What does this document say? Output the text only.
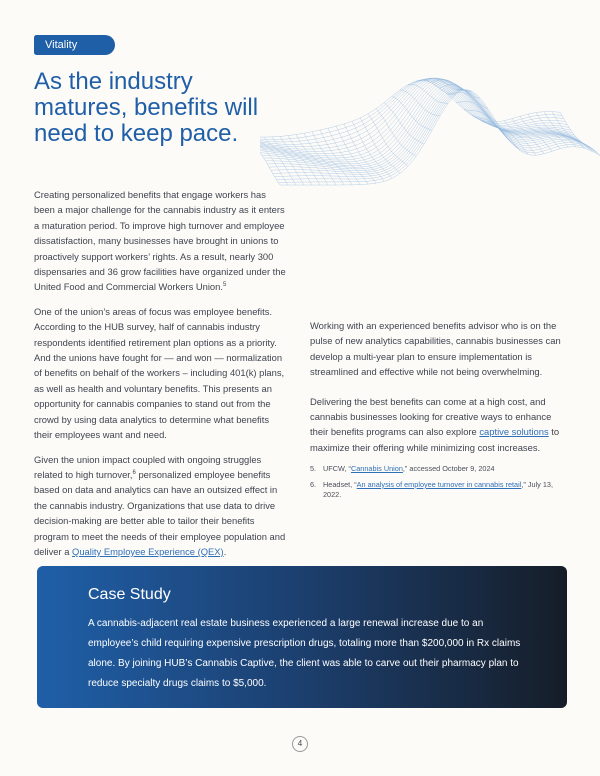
Vitality
As the industry
matures, benefits will
need to keep pace.

Creating personalized benefits that engage workers has been a major challenge for the cannabis industry as it enters a maturation period. To improve high turnover and employee dissatisfaction, many businesses have brought in unions to proactively support workers’ rights. As a result, nearly 300 dispensaries and 36 grow facilities have organized under the United Food and Commercial Workers Union.$^5$

One of the union’s areas of focus was employee benefits. According to the HUB survey, half of cannabis industry respondents identified retirement plan options as a priority. And the unions have fought for — and won — normalization of benefits on behalf of the workers – including 401(k) plans, as well as health and voluntary benefits. This presents an opportunity for cannabis companies to stand out from the crowd by using data analytics to determine what benefits their employees want and need.

Given the union impact coupled with ongoing struggles related to high turnover,$^6$ personalized employee benefits based on data and analytics can have an outsized effect in the cannabis industry. Organizations that use data to drive decision-making are better able to tailor their benefits program to meet the needs of their employee population and deliver a Quality Employee Experience (QEX).

Working with an experienced benefits advisor who is on the pulse of new analytics capabilities, cannabis businesses can develop a multi-year plan to ensure implementation is streamlined and effective while not being overwhelming.

Delivering the best benefits can come at a high cost, and cannabis businesses looking for creative ways to enhance their benefits programs can also explore captive solutions to maximize their offering while minimizing cost increases.

5. UFCW, “Cannabis Union,” accessed October 9, 2024
6. Headset, “An analysis of employee turnover in cannabis retail,” July 13, 2022.
Case Study

A cannabis-adjacent real estate business experienced a large renewal increase due to an employee’s child requiring expensive prescription drugs, totaling more than $200,000 in Rx claims alone. By joining HUB’s Cannabis Captive, the client was able to carve out their pharmacy plan to reduce specialty drugs claims to $5,000.

4
